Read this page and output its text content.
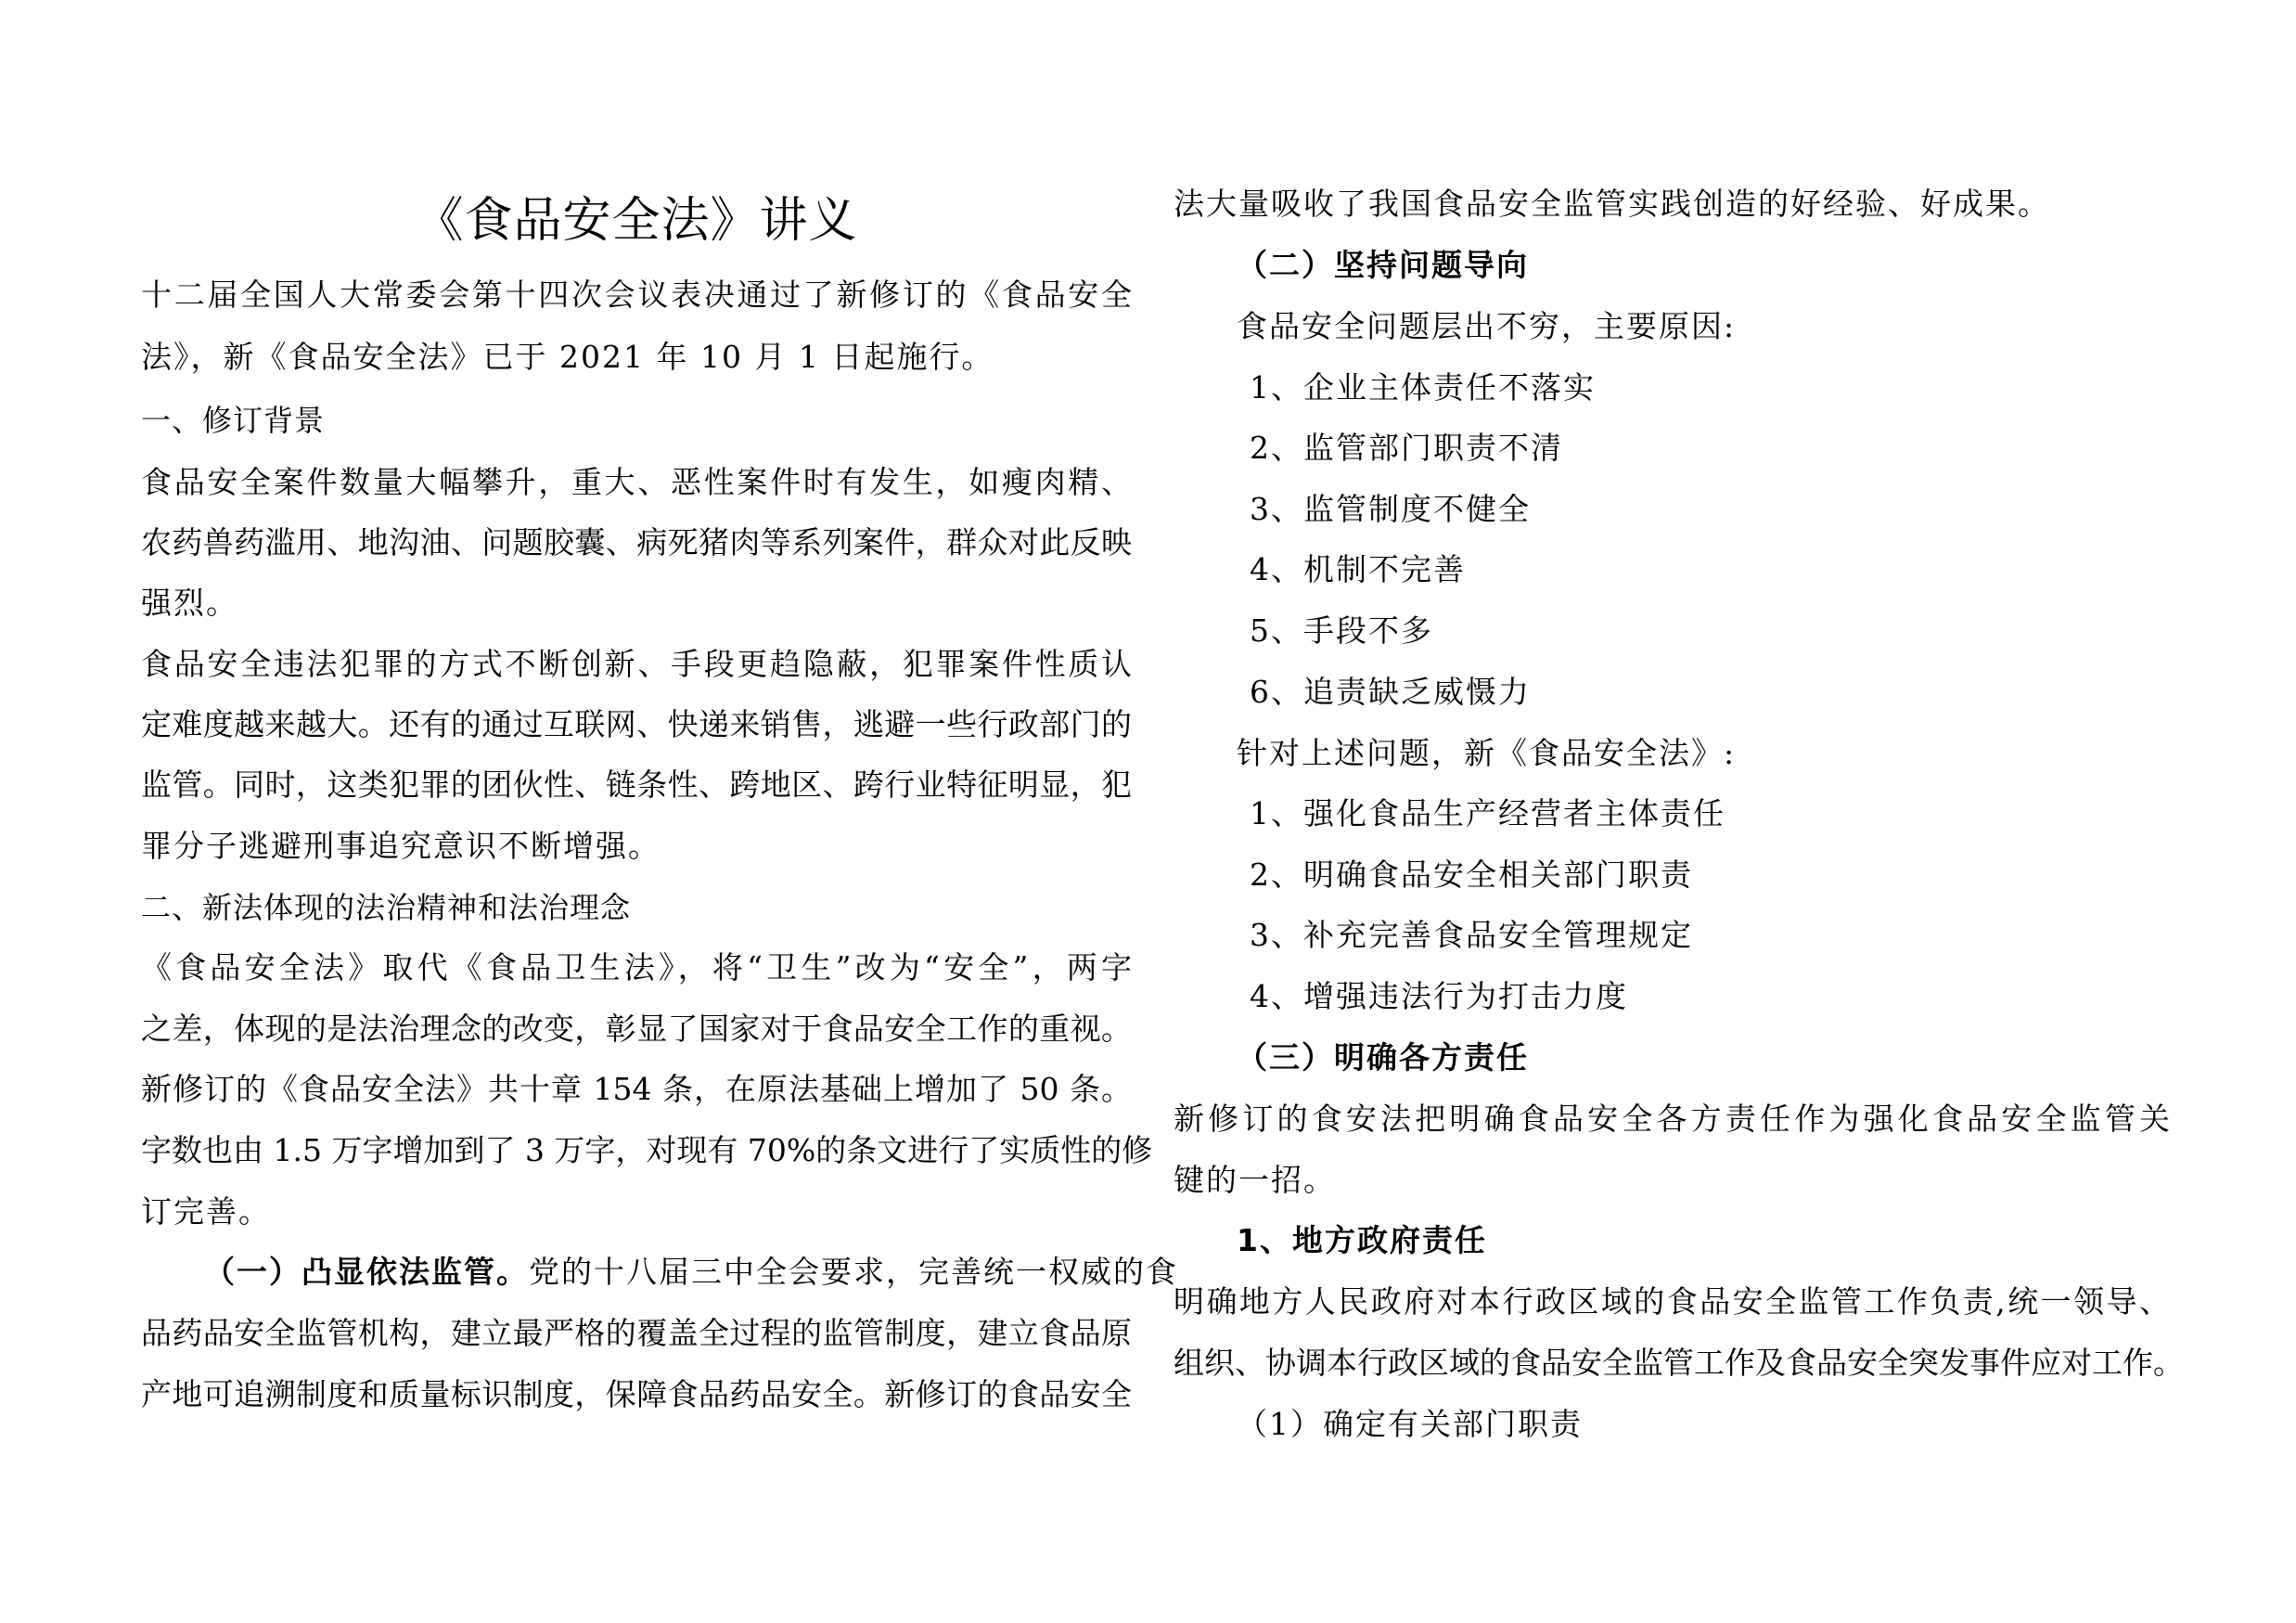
《食品安全法》讲义
十二届全国人大常委会第十四次会议表决通过了新修订的《食品安全
法》，新《食品安全法》已于 2021 年 10 月 1 日起施行。
一、修订背景
食品安全案件数量大幅攀升，重大、恶性案件时有发生，如瘦肉精、
农药兽药滥用、地沟油、问题胶囊、病死猪肉等系列案件，群众对此反映
强烈。
食品安全违法犯罪的方式不断创新、手段更趋隐蔽，犯罪案件性质认
定难度越来越大。还有的通过互联网、快递来销售，逃避一些行政部门的
监管。同时，这类犯罪的团伙性、链条性、跨地区、跨行业特征明显，犯
罪分子逃避刑事追究意识不断增强。
二、新法体现的法治精神和法治理念
《食品安全法》取代《食品卫生法》，将“卫生”改为“安全”，两字
之差，体现的是法治理念的改变，彰显了国家对于食品安全工作的重视。
新修订的《食品安全法》共十章 154 条，在原法基础上增加了 50 条。
字数也由 1.5 万字增加到了 3 万字，对现有 70%的条文进行了实质性的修
订完善。
（一）凸显依法监管。党的十八届三中全会要求，完善统一权威的食
品药品安全监管机构，建立最严格的覆盖全过程的监管制度，建立食品原
产地可追溯制度和质量标识制度，保障食品药品安全。新修订的食品安全
法大量吸收了我国食品安全监管实践创造的好经验、好成果。
（二）坚持问题导向
食品安全问题层出不穷，主要原因:
1、企业主体责任不落实
2、监管部门职责不清
3、监管制度不健全
4、机制不完善
5、手段不多
6、追责缺乏威慑力
针对上述问题，新《食品安全法》:
1、强化食品生产经营者主体责任
2、明确食品安全相关部门职责
3、补充完善食品安全管理规定
4、增强违法行为打击力度
（三）明确各方责任
新修订的食安法把明确食品安全各方责任作为强化食品安全监管关
键的一招。
1、地方政府责任
明确地方人民政府对本行政区域的食品安全监管工作负责,统一领导、
组织、协调本行政区域的食品安全监管工作及食品安全突发事件应对工作。
（1）确定有关部门职责
